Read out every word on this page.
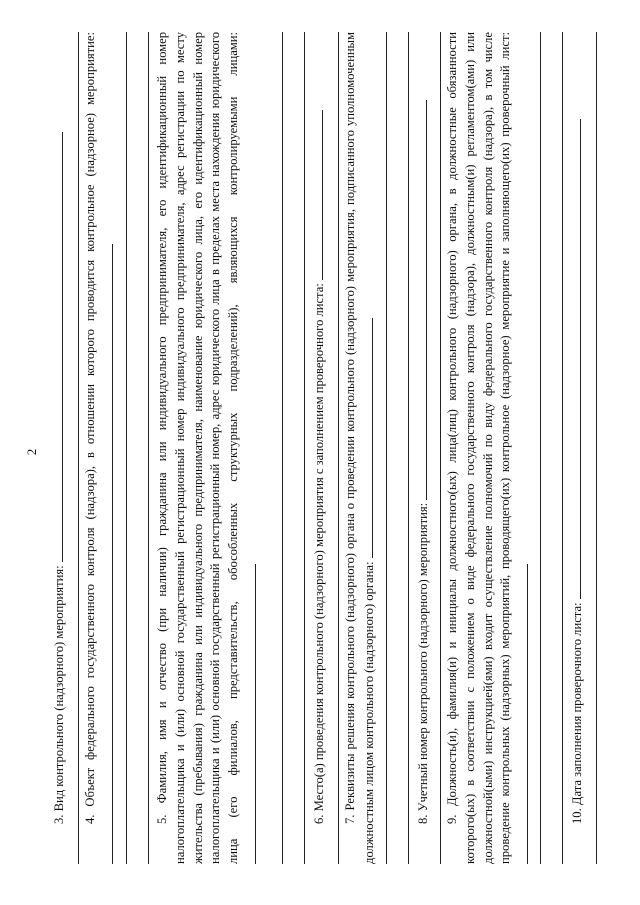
2

3. Вид контрольного (надзорного) мероприятия: 4. Объект федерального государственного контроля (надзора), в отношении которого проводится контрольное (надзорное) мероприятие:	5. Фамилия, имя и отчество (при наличии) гражданина или индивидуального предпринимателя, его идентификационный номер налогоплательщика и (или) основной государственный регистрационный номер индивидуального предпринимателя, адрес регистрации по месту жительства (пребывания) гражданина или индивидуального предпринимателя, наименование юридического лица, его идентификационный номер налогоплательщика и (или) основной государственный регистрационный номер, адрес юридического лица в пределах места нахождения юридического лица (его филиалов, представительств, обособленных структурных подразделений), являющихся контролируемыми лицами:	6. Место(а) проведения контрольного (надзорного) мероприятия с заполнением проверочного листа: 7. Реквизиты решения контрольного (надзорного) органа о проведении контрольного (надзорного) мероприятия, подписанного уполномоченным должностным лицом контрольного (надзорного) органа:	8. Учетный номер контрольного (надзорного) мероприятия: 9. Должность(и), фамилия(и) и инициалы должностного(ых) лица(лиц) контрольного (надзорного) органа, в должностные обязанности которого(ых) в соответствии с положением о виде федерального государственного контроля (надзора), должностным(и) регламентом(ами) или должностной(ыми) инструкцией(ями) входит осуществление полномочий по виду федерального государственного контроля (надзора), в том числе проведение контрольных (надзорных) мероприятий, проводящего(их) контрольное (надзорное) мероприятие и заполняющего(их) проверочный лист:	10. Дата заполнения проверочного листа:
